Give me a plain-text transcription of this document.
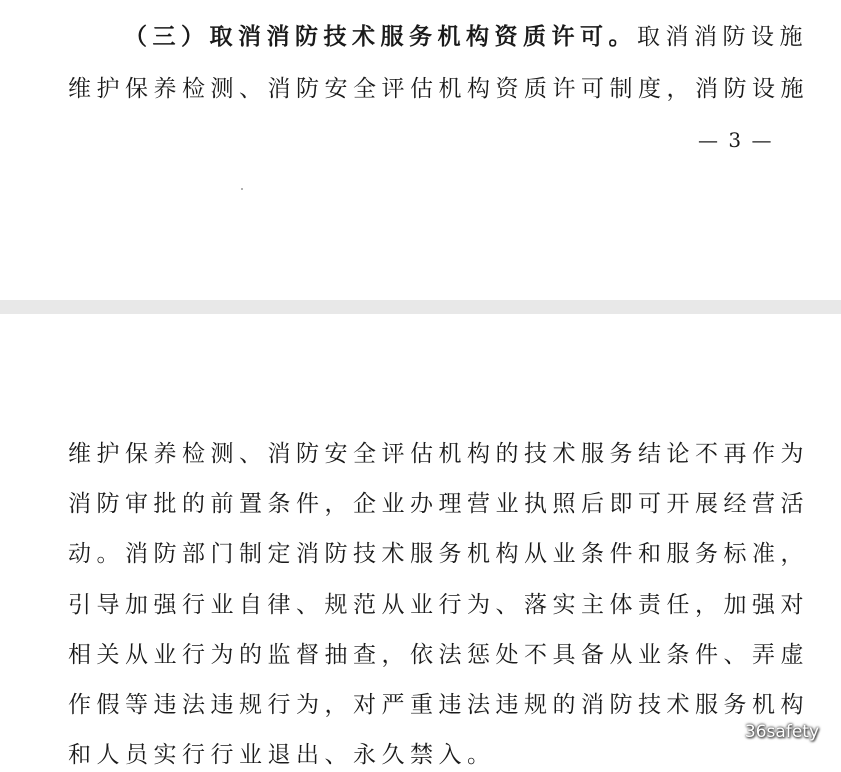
（三）取消消防技术服务机构资质许可。取消消防设施
维护保养检测、消防安全评估机构资质许可制度，消防设施
— 3 —
维护保养检测、消防安全评估机构的技术服务结论不再作为
消防审批的前置条件，企业办理营业执照后即可开展经营活
动。消防部门制定消防技术服务机构从业条件和服务标准，
引导加强行业自律、规范从业行为、落实主体责任，加强对
相关从业行为的监督抽查，依法惩处不具备从业条件、弄虚
作假等违法违规行为，对严重违法违规的消防技术服务机构
和人员实行行业退出、永久禁入。
36safety
